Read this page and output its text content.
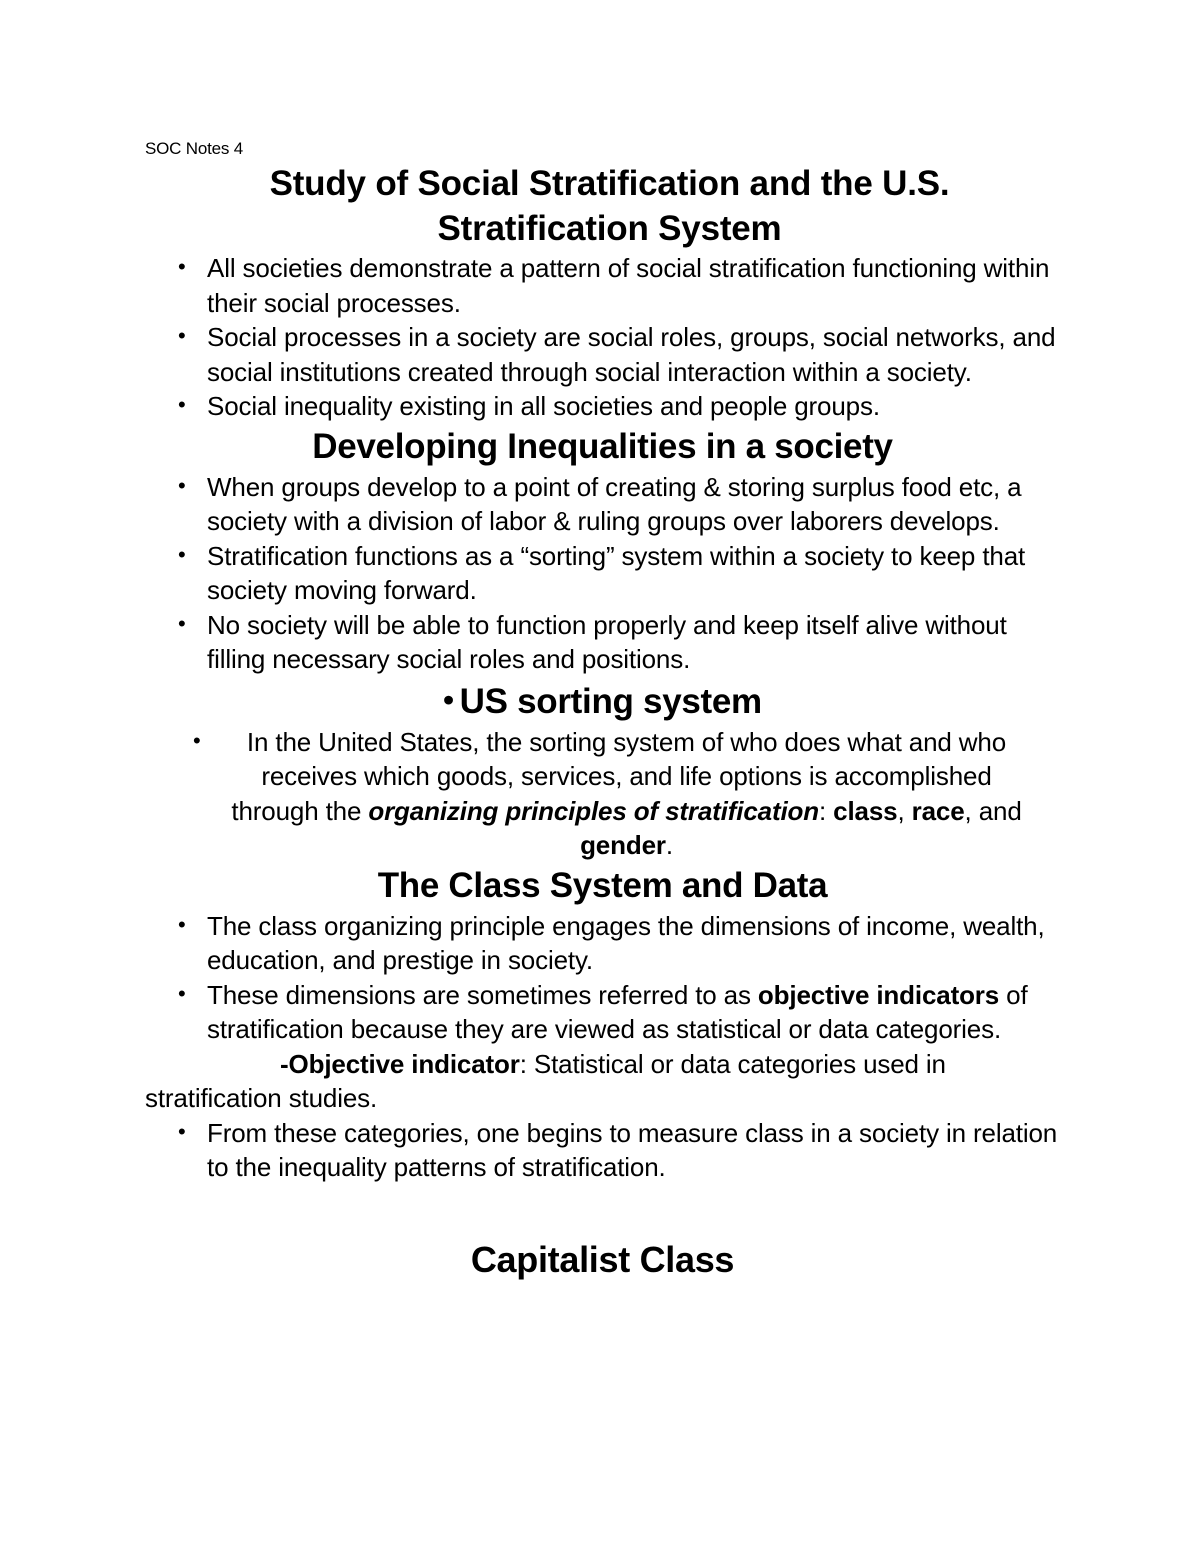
SOC Notes 4
Study of Social Stratification and the U.S.
Stratification System
• All societies demonstrate a pattern of social stratification functioning within their social processes.
• Social processes in a society are social roles, groups, social networks, and social institutions created through social interaction within a society.
• Social inequality existing in all societies and people groups.
Developing Inequalities in a society
• When groups develop to a point of creating & storing surplus food etc, a society with a division of labor & ruling groups over laborers develops.
• Stratification functions as a “sorting” system within a society to keep that society moving forward.
• No society will be able to function properly and keep itself alive without filling necessary social roles and positions.
• US sorting system
• In the United States, the sorting system of who does what and who receives which goods, services, and life options is accomplished through the organizing principles of stratification: class, race, and gender.
The Class System and Data
• The class organizing principle engages the dimensions of income, wealth, education, and prestige in society.
• These dimensions are sometimes referred to as objective indicators of stratification because they are viewed as statistical or data categories.

-Objective indicator: Statistical or data categories used in
stratification studies.

• From these categories, one begins to measure class in a society in relation to the inequality patterns of stratification.
Capitalist Class
